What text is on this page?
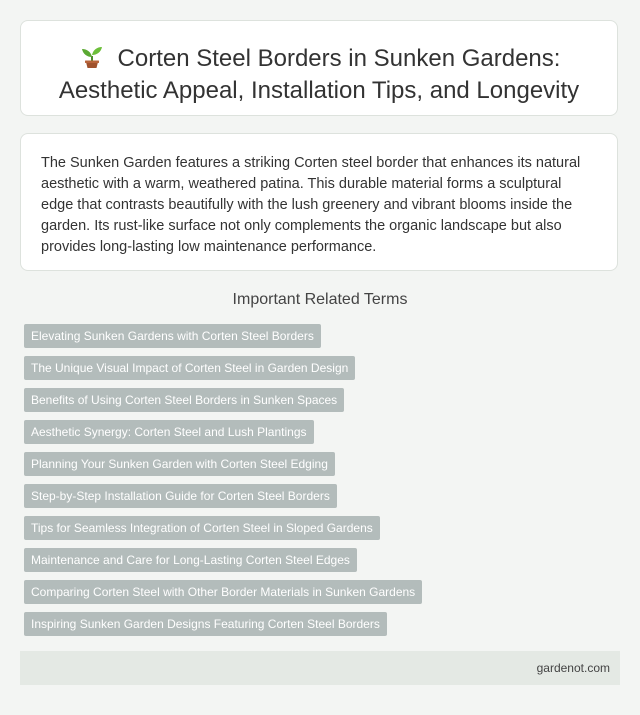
Corten Steel Borders in Sunken Gardens:
Aesthetic Appeal, Installation Tips, and Longevity

The Sunken Garden features a striking Corten steel border that enhances its natural aesthetic with a warm, weathered patina. This durable material forms a sculptural edge that contrasts beautifully with the lush greenery and vibrant blooms inside the garden. Its rust-like surface not only complements the organic landscape but also provides long-lasting low maintenance performance.

Important Related Terms
Elevating Sunken Gardens with Corten Steel Borders
The Unique Visual Impact of Corten Steel in Garden Design
Benefits of Using Corten Steel Borders in Sunken Spaces
Aesthetic Synergy: Corten Steel and Lush Plantings
Planning Your Sunken Garden with Corten Steel Edging
Step-by-Step Installation Guide for Corten Steel Borders
Tips for Seamless Integration of Corten Steel in Sloped Gardens
Maintenance and Care for Long-Lasting Corten Steel Edges
Comparing Corten Steel with Other Border Materials in Sunken Gardens
Inspiring Sunken Garden Designs Featuring Corten Steel Borders
gardenot.com
